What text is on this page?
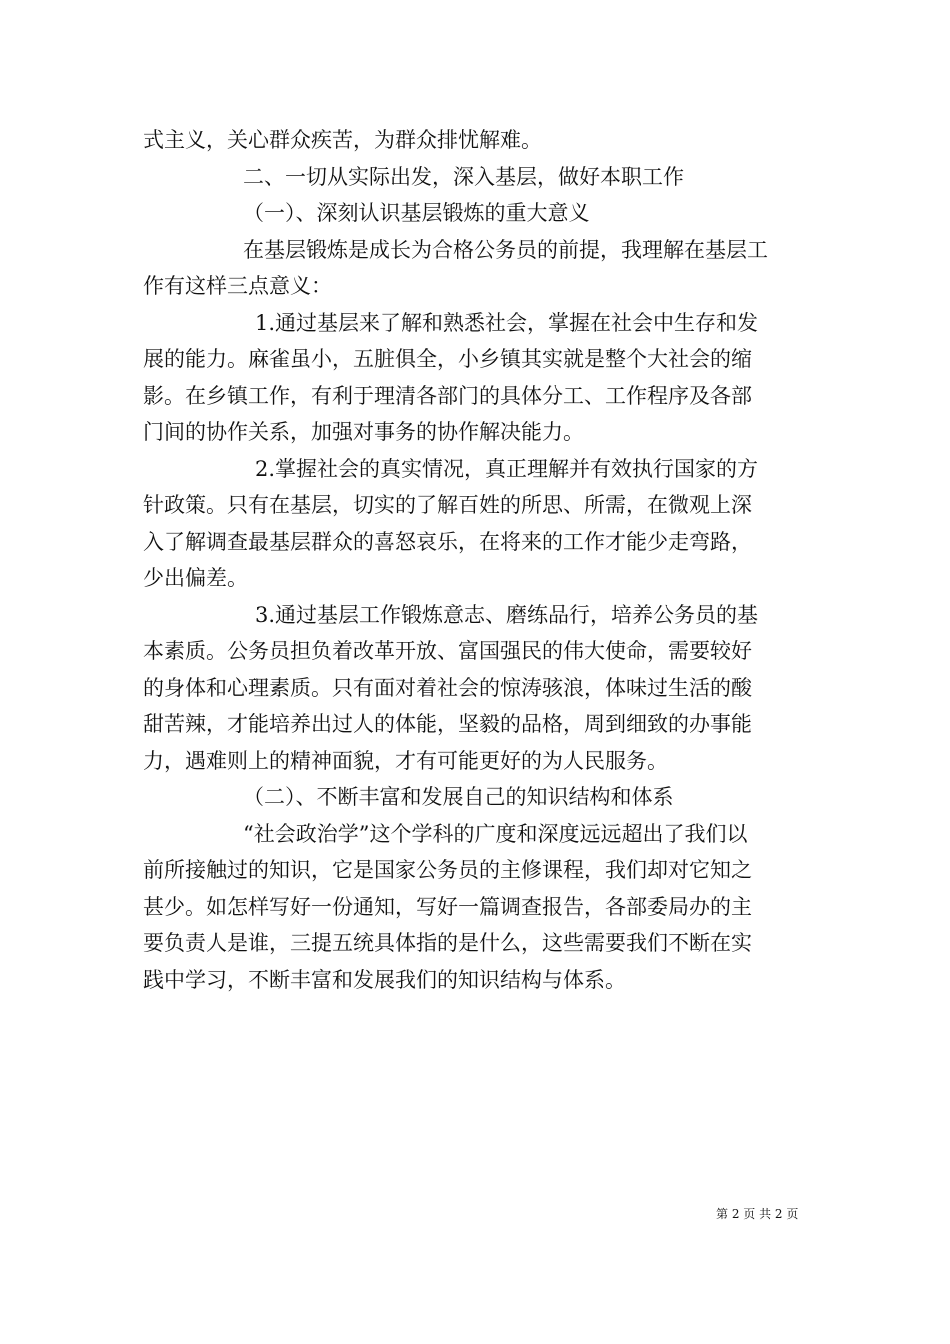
式主义，关心群众疾苦，为群众排忧解难。
二、一切从实际出发，深入基层，做好本职工作
（一）、深刻认识基层锻炼的重大意义
在基层锻炼是成长为合格公务员的前提，我理解在基层工
作有这样三点意义：
1.通过基层来了解和熟悉社会，掌握在社会中生存和发
展的能力。麻雀虽小，五脏俱全，小乡镇其实就是整个大社会的缩
影。在乡镇工作，有利于理清各部门的具体分工、工作程序及各部
门间的协作关系，加强对事务的协作解决能力。
2.掌握社会的真实情况，真正理解并有效执行国家的方
针政策。只有在基层，切实的了解百姓的所思、所需，在微观上深
入了解调查最基层群众的喜怒哀乐，在将来的工作才能少走弯路，
少出偏差。
3.通过基层工作锻炼意志、磨练品行，培养公务员的基
本素质。公务员担负着改革开放、富国强民的伟大使命，需要较好
的身体和心理素质。只有面对着社会的惊涛骇浪，体味过生活的酸
甜苦辣，才能培养出过人的体能，坚毅的品格，周到细致的办事能
力，遇难则上的精神面貌，才有可能更好的为人民服务。
（二）、不断丰富和发展自己的知识结构和体系
“社会政治学”这个学科的广度和深度远远超出了我们以
前所接触过的知识，它是国家公务员的主修课程，我们却对它知之
甚少。如怎样写好一份通知，写好一篇调查报告，各部委局办的主
要负责人是谁，三提五统具体指的是什么，这些需要我们不断在实
践中学习，不断丰富和发展我们的知识结构与体系。
第 2 页 共 2 页
